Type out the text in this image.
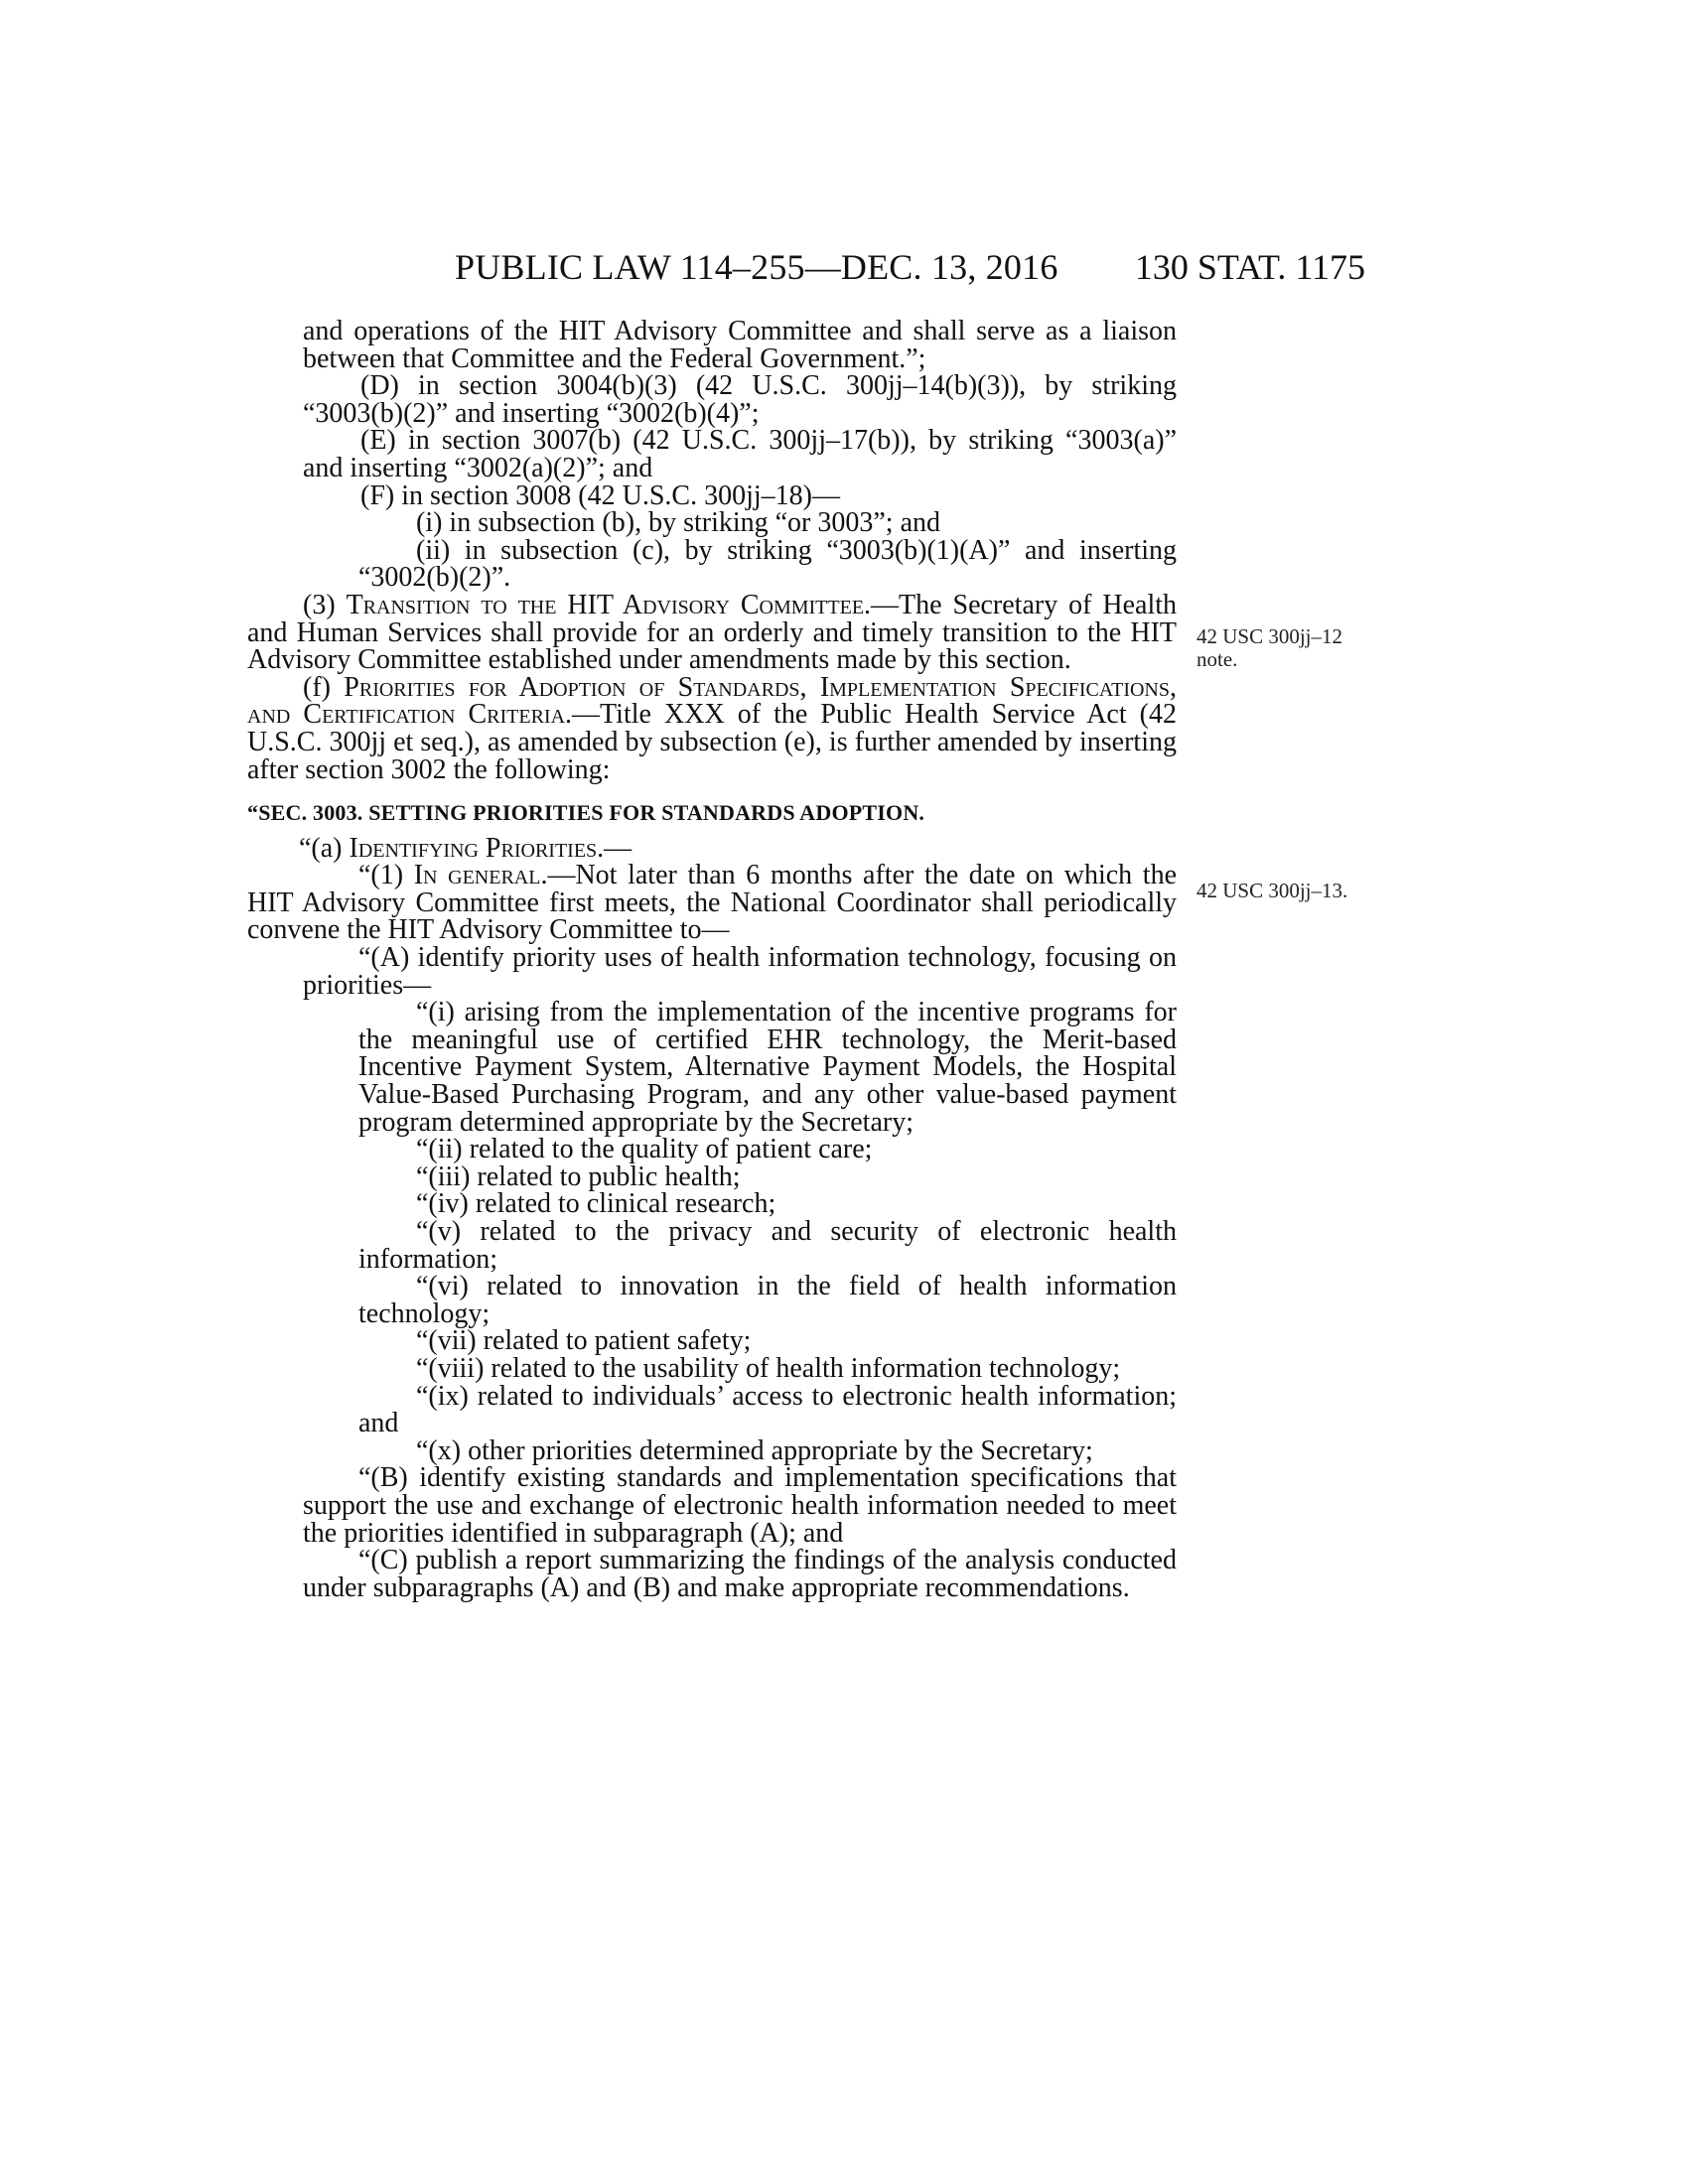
PUBLIC LAW 114–255—DEC. 13, 2016 130 STAT. 1175
42 USC 300jj–12
note.
42 USC 300jj–13.

and operations of the HIT Advisory Committee and shall serve as a liaison between that Committee and the Federal Government.”;

(D) in section 3004(b)(3) (42 U.S.C. 300jj–14(b)(3)), by striking “3003(b)(2)” and inserting “3002(b)(4)”;

(E) in section 3007(b) (42 U.S.C. 300jj–17(b)), by striking “3003(a)” and inserting “3002(a)(2)”; and

(F) in section 3008 (42 U.S.C. 300jj–18)—

(i) in subsection (b), by striking “or 3003”; and

(ii) in subsection (c), by striking “3003(b)(1)(A)” and inserting “3002(b)(2)”.

(3) Transition to the HIT Advisory Committee.—The Secretary of Health and Human Services shall provide for an orderly and timely transition to the HIT Advisory Committee established under amendments made by this section.

(f) Priorities for Adoption of Standards, Implementation Specifications, and Certification Criteria.—Title XXX of the Public Health Service Act (42 U.S.C. 300jj et seq.), as amended by subsection (e), is further amended by inserting after section 3002 the following:

“SEC. 3003. SETTING PRIORITIES FOR STANDARDS ADOPTION.

“(a) Identifying Priorities.—

“(1) In general.—Not later than 6 months after the date on which the HIT Advisory Committee first meets, the National Coordinator shall periodically convene the HIT Advisory Committee to—

“(A) identify priority uses of health information technology, focusing on priorities—

“(i) arising from the implementation of the incentive programs for the meaningful use of certified EHR technology, the Merit-based Incentive Payment System, Alternative Payment Models, the Hospital Value-Based Purchasing Program, and any other value-based payment program determined appropriate by the Secretary;

“(ii) related to the quality of patient care;

“(iii) related to public health;

“(iv) related to clinical research;

“(v) related to the privacy and security of electronic health information;

“(vi) related to innovation in the field of health information technology;

“(vii) related to patient safety;

“(viii) related to the usability of health information technology;

“(ix) related to individuals’ access to electronic health information; and

“(x) other priorities determined appropriate by the Secretary;

“(B) identify existing standards and implementation specifications that support the use and exchange of electronic health information needed to meet the priorities identified in subparagraph (A); and

“(C) publish a report summarizing the findings of the analysis conducted under subparagraphs (A) and (B) and make appropriate recommendations.
